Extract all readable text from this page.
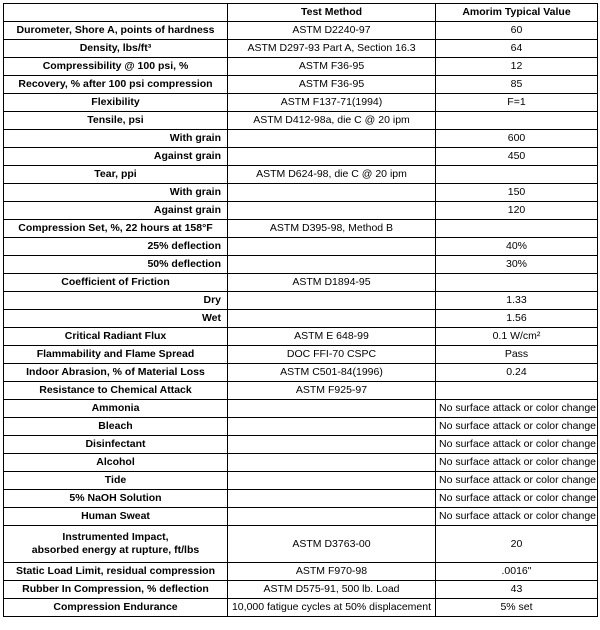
	Test Method	Amorim Typical Value
Durometer, Shore A, points of hardness	ASTM D2240-97	60
Density, lbs/ft³	ASTM D297-93 Part A, Section 16.3	64
Compressibility @ 100 psi, %	ASTM F36-95	12
Recovery, % after 100 psi compression	ASTM F36-95	85
Flexibility	ASTM F137-71(1994)	F=1
Tensile, psi	ASTM D412-98a, die C @ 20 ipm	
With grain		600
Against grain		450
Tear, ppi	ASTM D624-98, die C @ 20 ipm	
With grain		150
Against grain		120
Compression Set, %, 22 hours at 158°F	ASTM D395-98, Method B	
25% deflection		40%
50% deflection		30%
Coefficient of Friction	ASTM D1894-95	
Dry		1.33
Wet		1.56
Critical Radiant Flux	ASTM E 648-99	0.1 W/cm²
Flammability and Flame Spread	DOC FFI-70 CSPC	Pass
Indoor Abrasion, % of Material Loss	ASTM C501-84(1996)	0.24
Resistance to Chemical Attack	ASTM F925-97	
Ammonia		No surface attack or color change
Bleach		No surface attack or color change
Disinfectant		No surface attack or color change
Alcohol		No surface attack or color change
Tide		No surface attack or color change
5% NaOH Solution		No surface attack or color change
Human Sweat		No surface attack or color change

Instrumented Impact,
absorbed energy at rupture, ft/lbs	ASTM D3763-00	20
Static Load Limit, residual compression	ASTM F970-98	.0016"
Rubber In Compression, % deflection	ASTM D575-91, 500 lb. Load	43
Compression Endurance	10,000 fatigue cycles at 50% displacement	5% set
